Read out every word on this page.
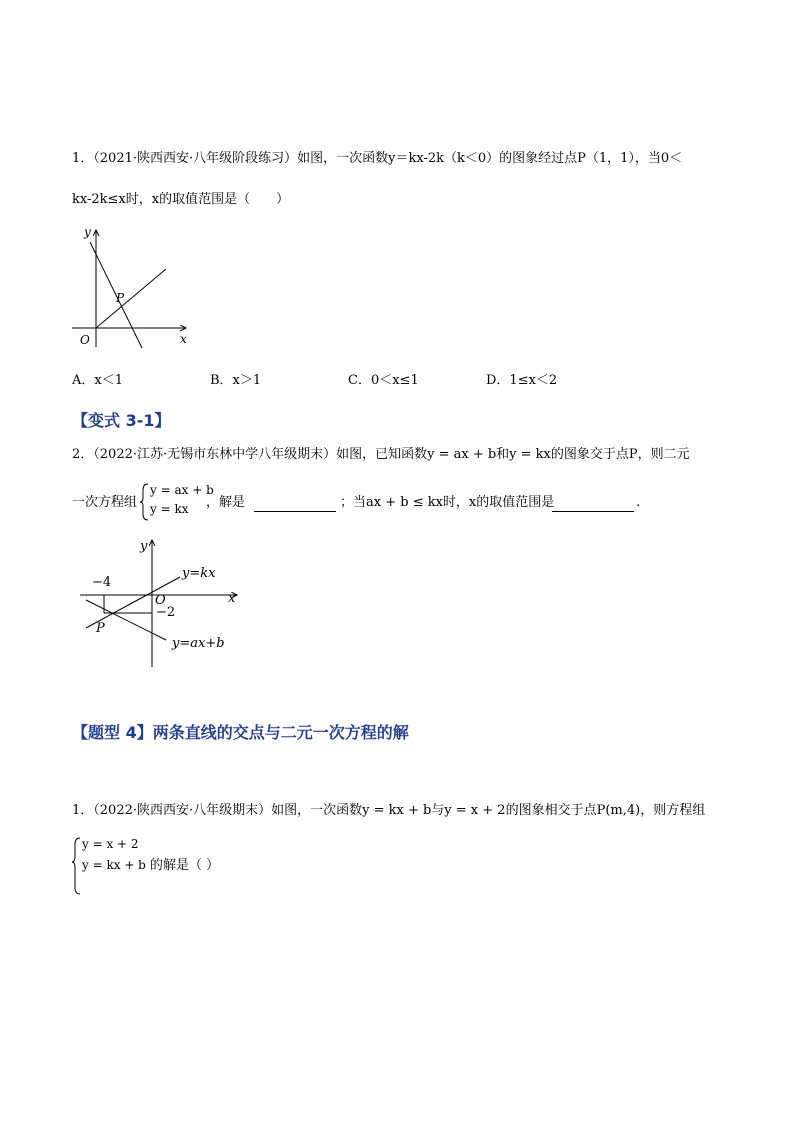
1．（2021·陕西西安·八年级阶段练习）如图，一次函数y＝kx-2k（k＜0）的图象经过点P（1，1），当0＜
kx-2k≤x时，x的取值范围是（　　）
y
x
O
P
A．x＜1	B．x＞1	C．0＜x≤1	D．1≤x＜2
【变式 3-1】
2．（2022·江苏·无锡市东林中学八年级期末）如图，已知函数y = ax + b和y = kx的图象交于点P，则二元
一次方程组
y = ax + b
y = kx ，解是	；当ax + b ≤ kx时，x的取值范围是	.
y
x
O
−4
−2
P
y=kx
y=ax+b
【题型 4】两条直线的交点与二元一次方程的解
1．（2022·陕西西安·八年级期末）如图，一次函数y = kx + b与y = x + 2的图象相交于点P(m,4)，则方程组
y = x + 2
y = kx + b 的解是（ ）
